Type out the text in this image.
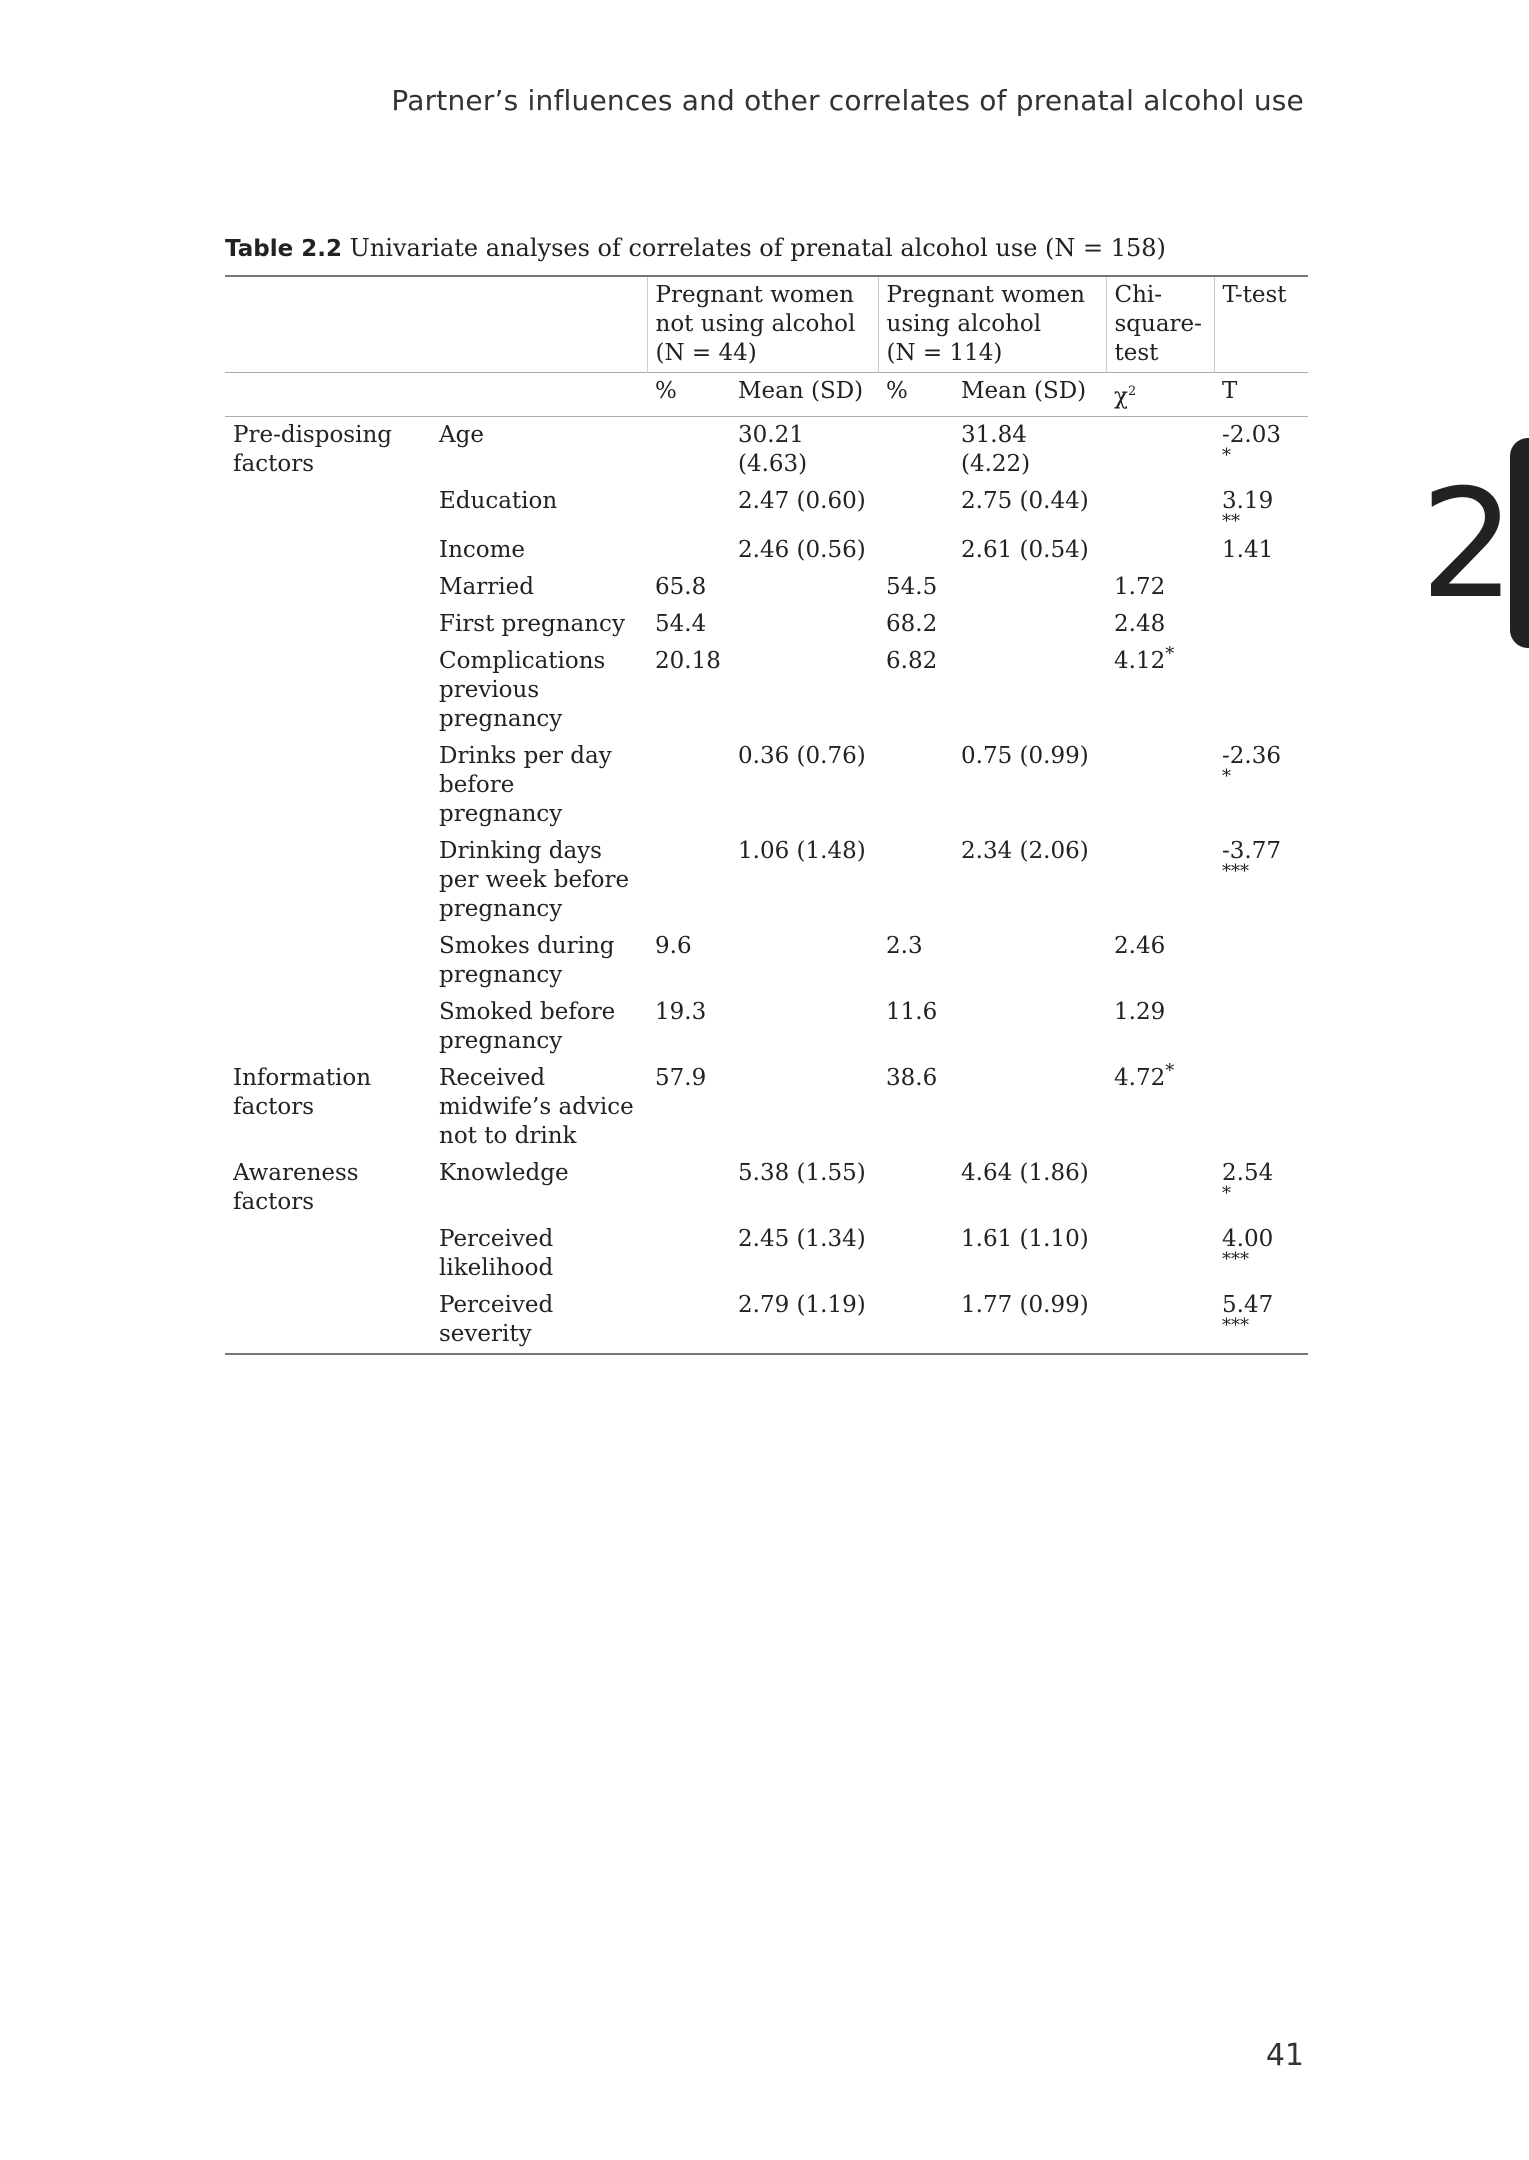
Partner’s influences and other correlates of prenatal alcohol use
2
Table 2.2 Univariate analyses of correlates of prenatal alcohol use (N = 158)
		Pregnant women
not using alcohol
(N = 44)		Pregnant women
using alcohol
(N = 114)		Chi-
square-
test	T-test
		%	Mean (SD)	%	Mean (SD)	$\chi^2$	T
Pre-disposing factors	Age		30.21 (4.63)		31.84 (4.22)		-2.03
*

	Education		2.47 (0.60)		2.75 (0.44)		3.19
**

	Income		2.46 (0.56)		2.61 (0.54)		1.41

	Married	65.8		54.5		1.72	

	First pregnancy	54.4		68.2		2.48	

	Complications previous pregnancy	20.18		6.82		4.12*	

	Drinks per day before pregnancy		0.36 (0.76)		0.75 (0.99)		-2.36
*

	Drinking days per week before pregnancy		1.06 (1.48)		2.34 (2.06)		-3.77
***

	Smokes during pregnancy	9.6		2.3		2.46	

	Smoked before pregnancy	19.3		11.6		1.29	

Information factors	Received midwife’s advice not to drink	57.9		38.6		4.72*	

Awareness factors	Knowledge		5.38 (1.55)		4.64 (1.86)		2.54
*

	Perceived likelihood		2.45 (1.34)		1.61 (1.10)		4.00
***

	Perceived severity		2.79 (1.19)		1.77 (0.99)		5.47
***
41
